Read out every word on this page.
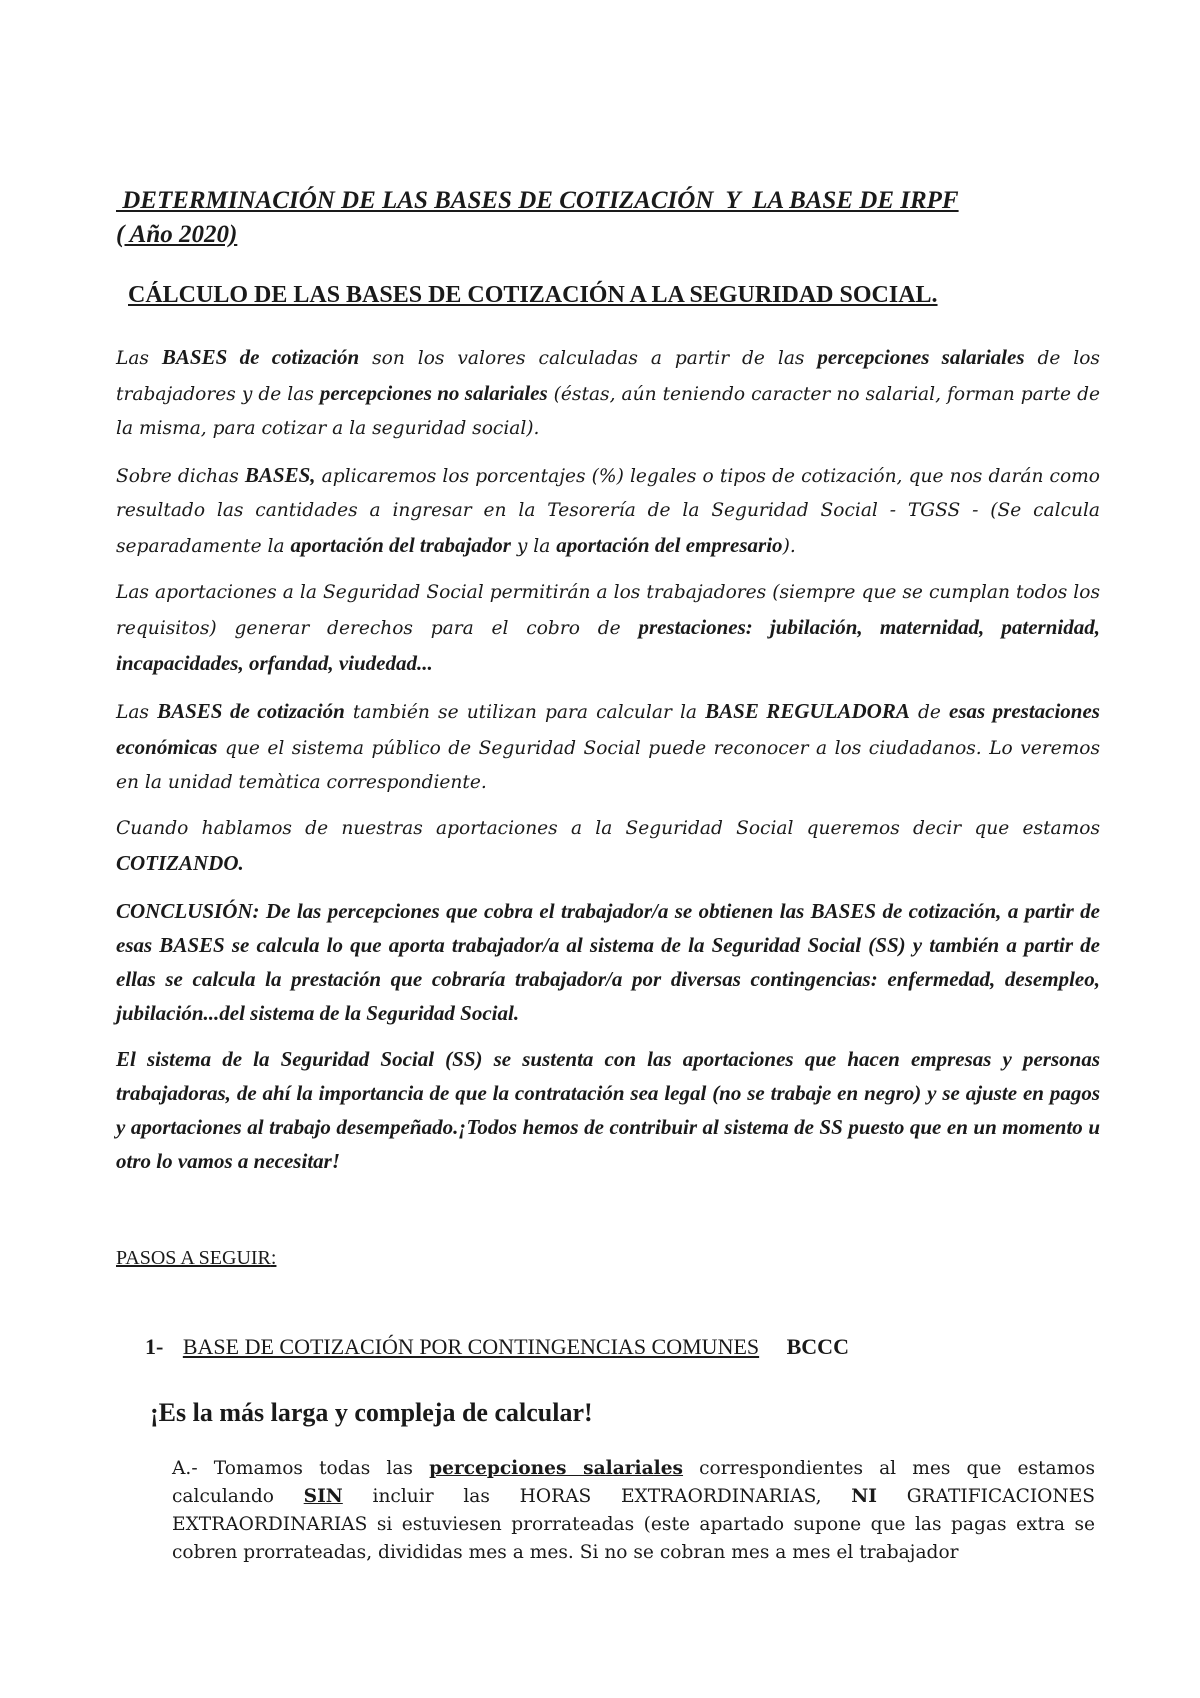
DETERMINACIÓN DE LAS BASES DE COTIZACIÓN  Y  LA BASE DE IRPF
( Año 2020)
CÁLCULO DE LAS BASES DE COTIZACIÓN A LA SEGURIDAD SOCIAL.

Las BASES de cotización son los valores calculadas a partir de las percepciones salariales de los trabajadores y de las percepciones no salariales (éstas, aún teniendo caracter no salarial, forman parte de la misma, para cotizar a la seguridad social).

Sobre dichas BASES, aplicaremos los porcentajes (%) legales o tipos de cotización, que nos darán como resultado las cantidades a ingresar en la Tesorería de la Seguridad Social - TGSS - (Se calcula separadamente la aportación del trabajador y la aportación del empresario).

Las aportaciones a la Seguridad Social permitirán a los trabajadores (siempre que se cumplan todos los requisitos) generar derechos para el cobro de prestaciones: jubilación, maternidad, paternidad, incapacidades, orfandad, viudedad...

Las BASES de cotización también se utilizan para calcular la BASE REGULADORA de esas prestaciones económicas que el sistema público de Seguridad Social puede reconocer a los ciudadanos. Lo veremos en la unidad temàtica correspondiente.

Cuando hablamos de nuestras aportaciones a la Seguridad Social queremos decir que estamos COTIZANDO.

CONCLUSIÓN: De las percepciones que cobra el trabajador/a se obtienen las BASES de cotización, a partir de esas BASES se calcula lo que aporta trabajador/a al sistema de la Seguridad Social (SS) y también a partir de ellas se calcula la prestación que cobraría trabajador/a por diversas contingencias: enfermedad, desempleo, jubilación...del sistema de la Seguridad Social.

El sistema de la Seguridad Social (SS) se sustenta con las aportaciones que hacen empresas y personas trabajadoras, de ahí la importancia de que la contratación sea legal (no se trabaje en negro) y se ajuste en pagos y aportaciones al trabajo desempeñado.¡Todos hemos de contribuir al sistema de SS puesto que en un momento u otro lo vamos a necesitar!

PASOS A SEGUIR:
1- BASE DE COTIZACIÓN POR CONTINGENCIAS COMUNES BCCC
¡Es la más larga y compleja de calcular!
A.- Tomamos todas las percepciones salariales correspondientes al mes que estamos calculando SIN incluir las HORAS EXTRAORDINARIAS, NI GRATIFICACIONES EXTRAORDINARIAS si estuviesen prorrateadas (este apartado supone que las pagas extra se cobren prorrateadas, divididas mes a mes. Si no se cobran mes a mes el trabajador
